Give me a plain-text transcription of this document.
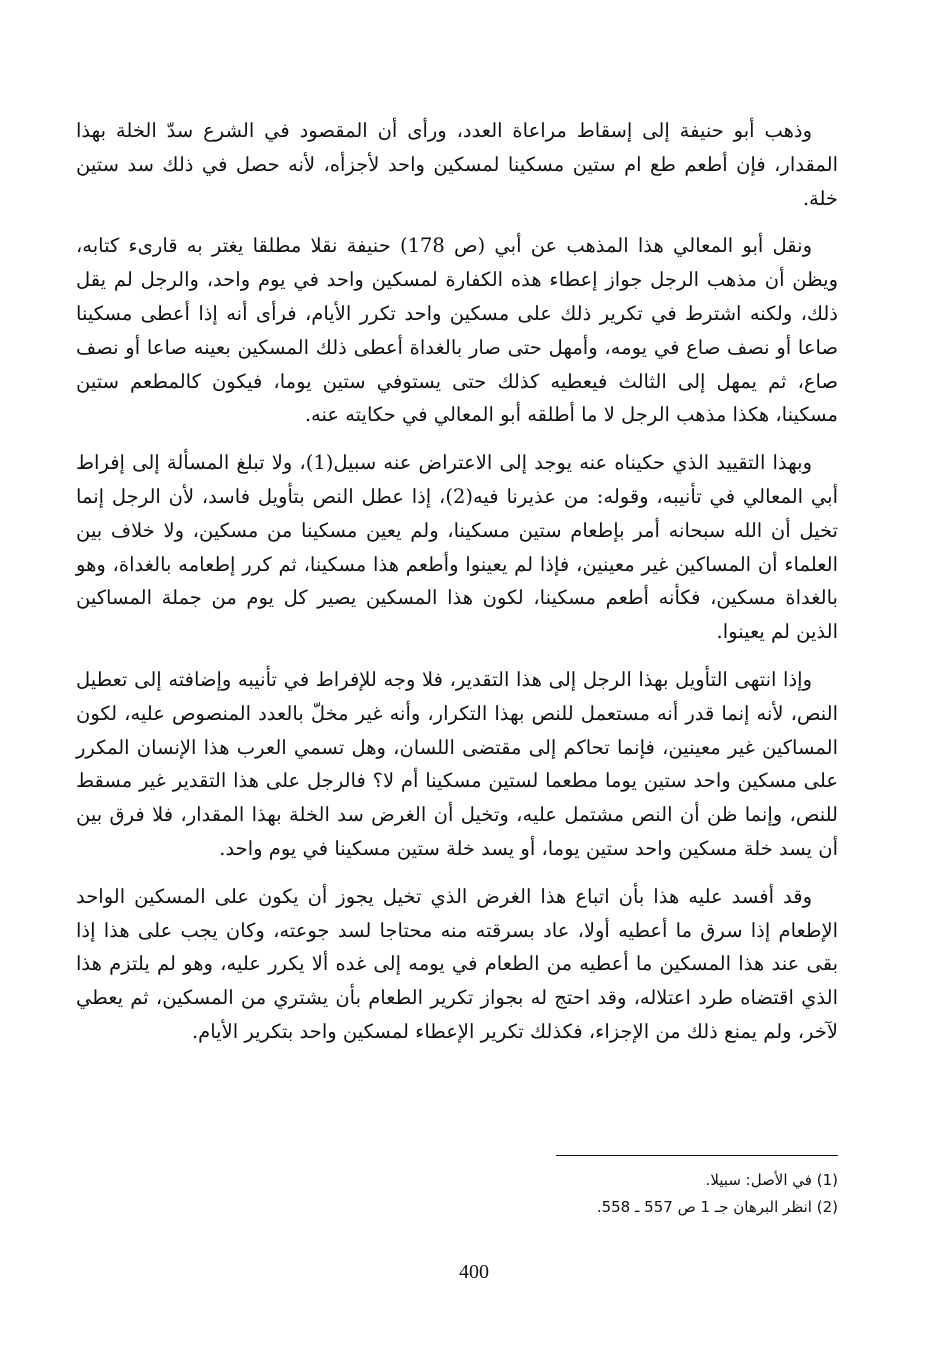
وذهب أبو حنيفة إلى إسقاط مراعاة العدد، ورأى أن المقصود في الشرع سدّ الخلة بهذا المقدار، فإن أطعم طع ام ستين مسكينا لمسكين واحد لأجزأه، لأنه حصل في ذلك سد ستين خلة.

ونقل أبو المعالي هذا المذهب عن أبي (ص 178) حنيفة نقلا مطلقا يغتر به قارىء كتابه، ويظن أن مذهب الرجل جواز إعطاء هذه الكفارة لمسكين واحد في يوم واحد، والرجل لم يقل ذلك، ولكنه اشترط في تكرير ذلك على مسكين واحد تكرر الأيام، فرأى أنه إذا أعطى مسكينا صاعا أو نصف صاع في يومه، وأمهل حتى صار بالغداة أعطى ذلك المسكين بعينه صاعا أو نصف صاع، ثم يمهل إلى الثالث فيعطيه كذلك حتى يستوفي ستين يوما، فيكون كالمطعم ستين مسكينا، هكذا مذهب الرجل لا ما أطلقه أبو المعالي في حكايته عنه.

وبهذا التقييد الذي حكيناه عنه يوجد إلى الاعتراض عنه سبيل(1)، ولا تبلغ المسألة إلى إفراط أبي المعالي في تأنيبه، وقوله: من عذيرنا فيه(2)، إذا عطل النص بتأويل فاسد، لأن الرجل إنما تخيل أن الله سبحانه أمر بإطعام ستين مسكينا، ولم يعين مسكينا من مسكين، ولا خلاف بين العلماء أن المساكين غير معينين، فإذا لم يعينوا وأطعم هذا مسكينا، ثم كرر إطعامه بالغداة، وهو بالغداة مسكين، فكأنه أطعم مسكينا، لكون هذا المسكين يصير كل يوم من جملة المساكين الذين لم يعينوا.

وإذا انتهى التأويل بهذا الرجل إلى هذا التقدير، فلا وجه للإفراط في تأنيبه وإضافته إلى تعطيل النص، لأنه إنما قدر أنه مستعمل للنص بهذا التكرار، وأنه غير مخلّ بالعدد المنصوص عليه، لكون المساكين غير معينين، فإنما تحاكم إلى مقتضى اللسان، وهل تسمي العرب هذا الإنسان المكرر على مسكين واحد ستين يوما مطعما لستين مسكينا أم لا؟ فالرجل على هذا التقدير غير مسقط للنص، وإنما ظن أن النص مشتمل عليه، وتخيل أن الغرض سد الخلة بهذا المقدار، فلا فرق بين أن يسد خلة مسكين واحد ستين يوما، أو يسد خلة ستين مسكينا في يوم واحد.

وقد أفسد عليه هذا بأن اتباع هذا الغرض الذي تخيل يجوز أن يكون على المسكين الواحد الإطعام إذا سرق ما أعطيه أولا، عاد بسرقته منه محتاجا لسد جوعته، وكان يجب على هذا إذا بقى عند هذا المسكين ما أعطيه من الطعام في يومه إلى غده ألا يكرر عليه، وهو لم يلتزم هذا الذي اقتضاه طرد اعتلاله، وقد احتج له بجواز تكرير الطعام بأن يشتري من المسكين، ثم يعطي لآخر، ولم يمنع ذلك من الإجزاء، فكذلك تكرير الإعطاء لمسكين واحد بتكرير الأيام.

(1) في الأصل: سبيلا.

(2) انظر البرهان جـ 1 ص 557 ـ 558.

400
